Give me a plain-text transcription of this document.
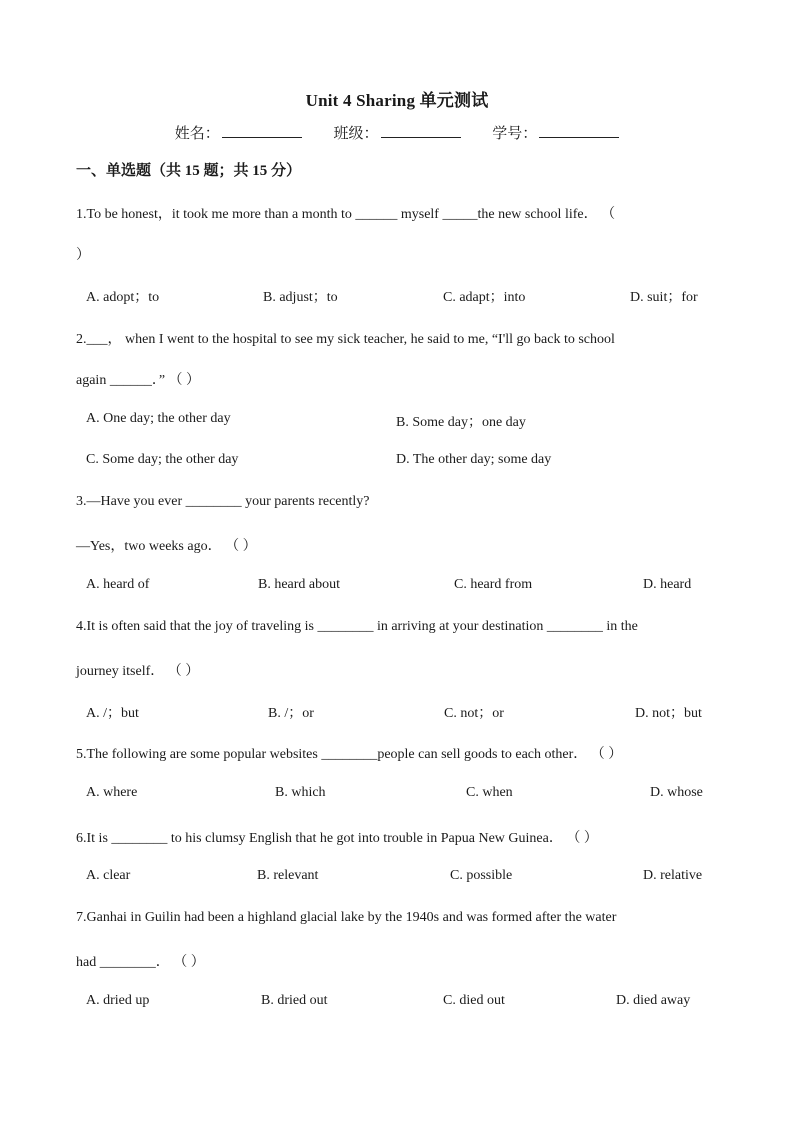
Unit 4 Sharing 单元测试
姓名：	班级：	学号：
一、单选题（共 15 题；共 15 分）
1.To be honest，it took me more than a month to ______ myself _____the new school life． （
）
A. adopt；to	B. adjust；to	C. adapt；into	D. suit；for
2.___， when I went to the hospital to see my sick teacher, he said to me, “I'll go back to school
again ______．” （ ）
A. One day; the other day	B. Some day；one day
C. Some day; the other day	D. The other day; some day
3.—Have you ever ________ your parents recently?
—Yes，two weeks ago． （ ）
A. heard of	B. heard about	C. heard from	D. heard
4.It is often said that the joy of traveling is ________ in arriving at your destination ________ in the
journey itself． （ ）
A. /；but	B. /；or	C. not；or	D. not；but
5.The following are some popular websites ________people can sell goods to each other． （ ）
A. where	B. which	C. when	D. whose
6.It is ________ to his clumsy English that he got into trouble in Papua New Guinea． （ ）
A. clear	B. relevant	C. possible	D. relative
7.Ganhai in Guilin had been a highland glacial lake by the 1940s and was formed after the water
had ________． （ ）
A. dried up	B. dried out	C. died out	D. died away
